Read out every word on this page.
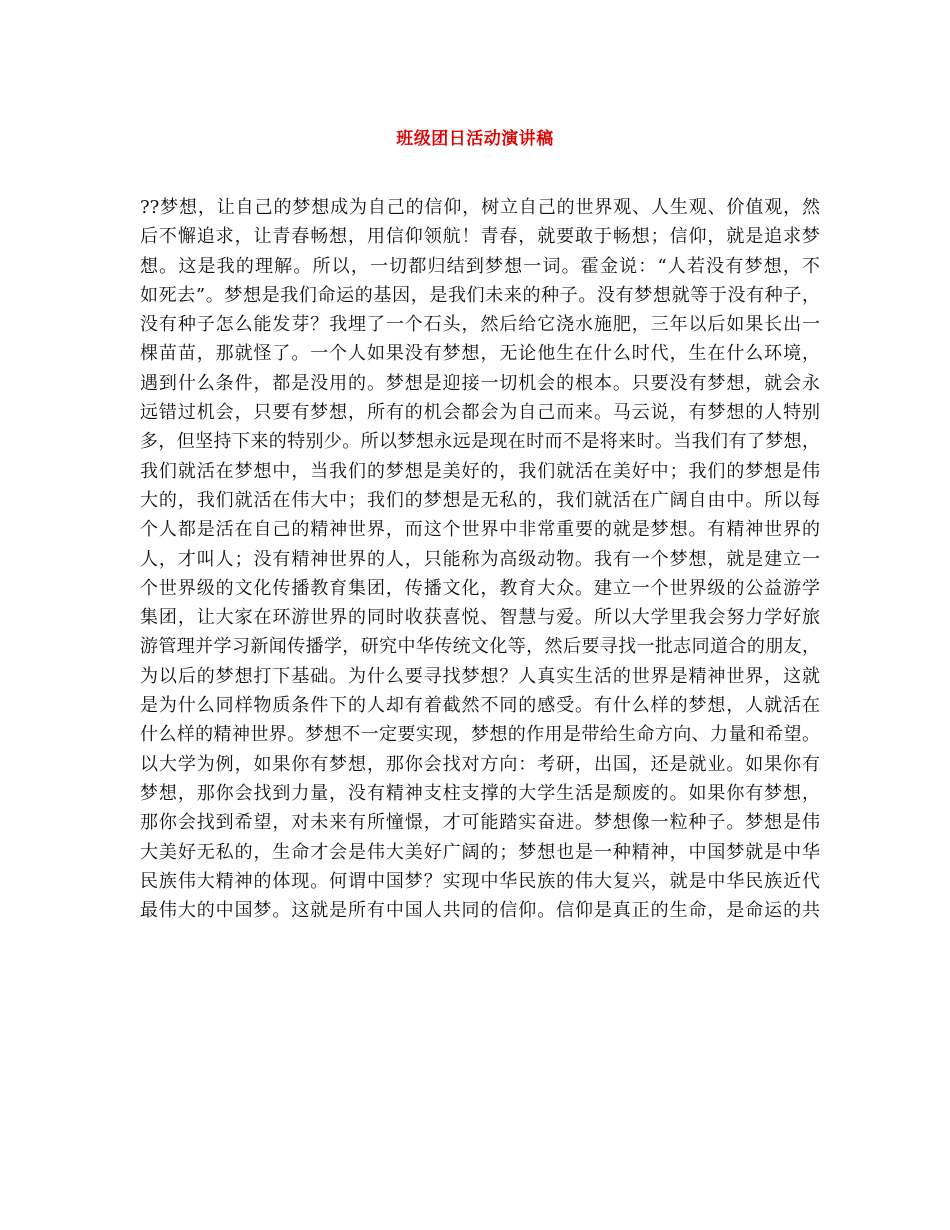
班级团日活动演讲稿
??梦想，让自己的梦想成为自己的信仰，树立自己的世界观、人生观、价值观，然
后不懈追求，让青春畅想，用信仰领航！青春，就要敢于畅想；信仰，就是追求梦
想。这是我的理解。所以，一切都归结到梦想一词。霍金说：“人若没有梦想，不
如死去”。梦想是我们命运的基因，是我们未来的种子。没有梦想就等于没有种子，
没有种子怎么能发芽？我埋了一个石头，然后给它浇水施肥，三年以后如果长出一
棵苗苗，那就怪了。一个人如果没有梦想，无论他生在什么时代，生在什么环境，
遇到什么条件，都是没用的。梦想是迎接一切机会的根本。只要没有梦想，就会永
远错过机会，只要有梦想，所有的机会都会为自己而来。马云说，有梦想的人特别
多，但坚持下来的特别少。所以梦想永远是现在时而不是将来时。当我们有了梦想，
我们就活在梦想中，当我们的梦想是美好的，我们就活在美好中；我们的梦想是伟
大的，我们就活在伟大中；我们的梦想是无私的，我们就活在广阔自由中。所以每
个人都是活在自己的精神世界，而这个世界中非常重要的就是梦想。有精神世界的
人，才叫人；没有精神世界的人，只能称为高级动物。我有一个梦想，就是建立一
个世界级的文化传播教育集团，传播文化，教育大众。建立一个世界级的公益游学
集团，让大家在环游世界的同时收获喜悦、智慧与爱。所以大学里我会努力学好旅
游管理并学习新闻传播学，研究中华传统文化等，然后要寻找一批志同道合的朋友，
为以后的梦想打下基础。为什么要寻找梦想？人真实生活的世界是精神世界，这就
是为什么同样物质条件下的人却有着截然不同的感受。有什么样的梦想，人就活在
什么样的精神世界。梦想不一定要实现，梦想的作用是带给生命方向、力量和希望。
以大学为例，如果你有梦想，那你会找对方向：考研，出国，还是就业。如果你有
梦想，那你会找到力量，没有精神支柱支撑的大学生活是颓废的。如果你有梦想，
那你会找到希望，对未来有所憧憬，才可能踏实奋进。梦想像一粒种子。梦想是伟
大美好无私的，生命才会是伟大美好广阔的；梦想也是一种精神，中国梦就是中华
民族伟大精神的体现。何谓中国梦？实现中华民族的伟大复兴，就是中华民族近代
最伟大的中国梦。这就是所有中国人共同的信仰。信仰是真正的生命，是命运的共
